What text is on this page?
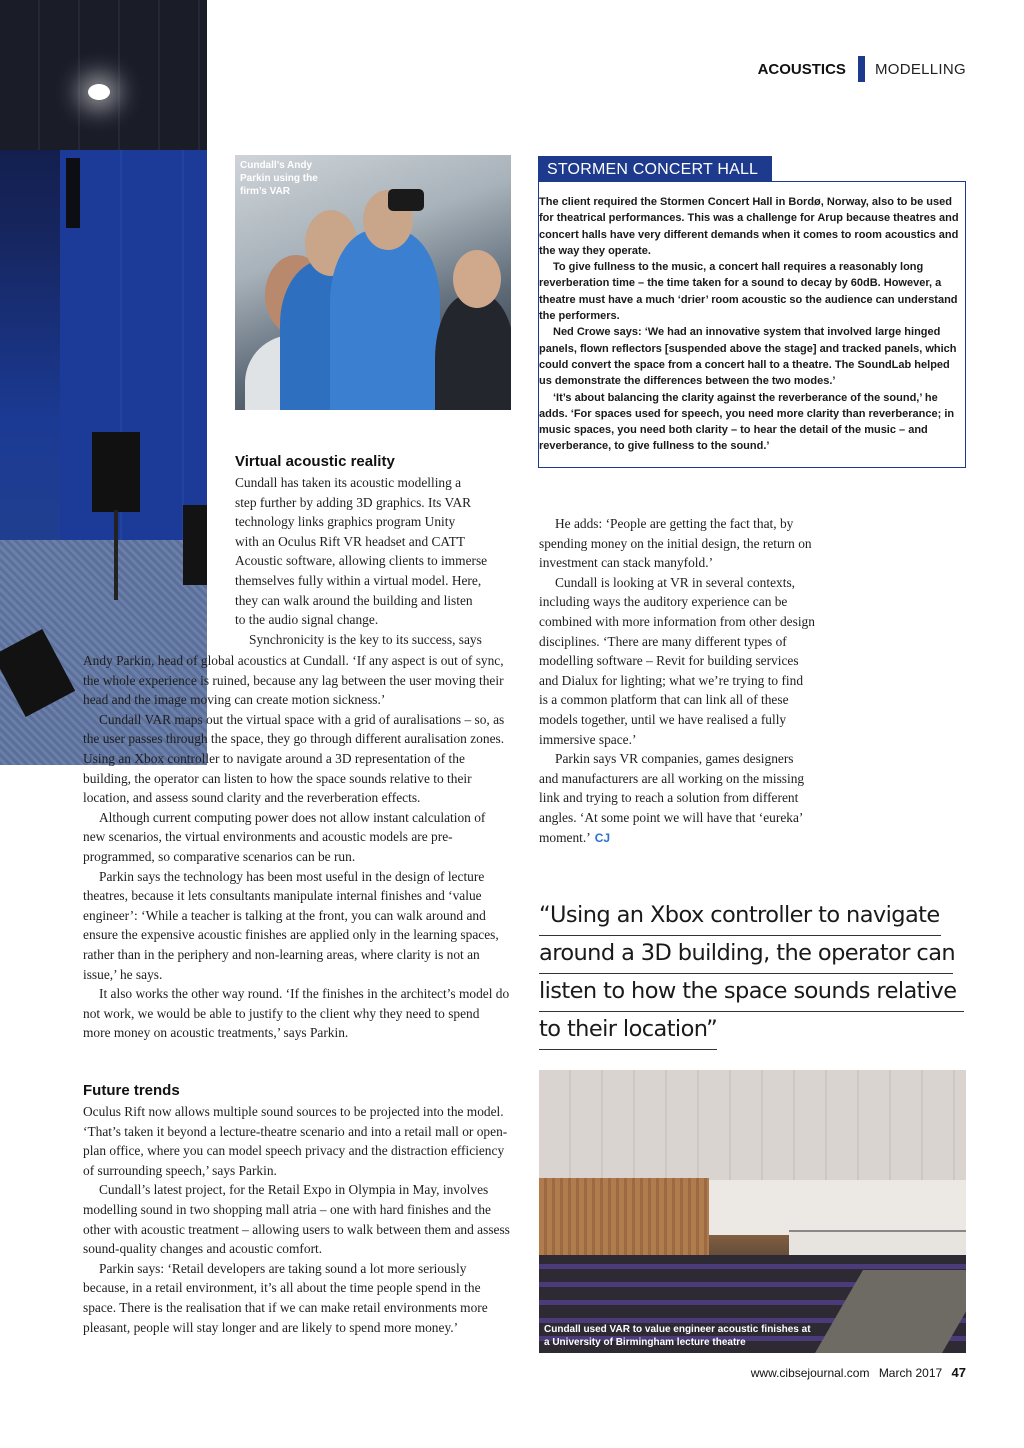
ACOUSTICS MODELLING
Cundall’s Andy Parkin using the firm’s VAR
STORMEN CONCERT HALL

The client required the Stormen Concert Hall in Bordø, Norway, also to be used for theatrical performances. This was a challenge for Arup because theatres and concert halls have very different demands when it comes to room acoustics and the way they operate.

To give fullness to the music, a concert hall requires a reasonably long reverberation time – the time taken for a sound to decay by 60dB. However, a theatre must have a much ‘drier’ room acoustic so the audience can understand the performers.

Ned Crowe says: ‘We had an innovative system that involved large hinged panels, flown reflectors [suspended above the stage] and tracked panels, which could convert the space from a concert hall to a theatre. The SoundLab helped us demonstrate the differences between the two modes.’

‘It’s about balancing the clarity against the reverberance of the sound,’ he adds. ‘For spaces used for speech, you need more clarity than reverberance; in music spaces, you need both clarity – to hear the detail of the music – and reverberance, to give fullness to the sound.’

Virtual acoustic reality
Cundall has taken its acoustic modelling a
step further by adding 3D graphics. Its VAR
technology links graphics program Unity
with an Oculus Rift VR headset and CATT
Acoustic software, allowing clients to immerse
themselves fully within a virtual model. Here,
they can walk around the building and listen
to the audio signal change.
Synchronicity is the key to its success, says

Andy Parkin, head of global acoustics at Cundall. ‘If any aspect is out of sync, the whole experience is ruined, because any lag between the user moving their head and the image moving can create motion sickness.’

Cundall VAR maps out the virtual space with a grid of auralisations – so, as the user passes through the space, they go through different auralisation zones. Using an Xbox controller to navigate around a 3D representation of the building, the operator can listen to how the space sounds relative to their location, and assess sound clarity and the reverberation effects.

Although current computing power does not allow instant calculation of new scenarios, the virtual environments and acoustic models are pre-programmed, so comparative scenarios can be run.

Parkin says the technology has been most useful in the design of lecture theatres, because it lets consultants manipulate internal finishes and ‘value engineer’: ‘While a teacher is talking at the front, you can walk around and ensure the expensive acoustic finishes are applied only in the learning spaces, rather than in the periphery and non-learning areas, where clarity is not an issue,’ he says.

It also works the other way round. ‘If the finishes in the architect’s model do not work, we would be able to justify to the client why they need to spend more money on acoustic treatments,’ says Parkin.

Future trends

Oculus Rift now allows multiple sound sources to be projected into the model. ‘That’s taken it beyond a lecture-theatre scenario and into a retail mall or open-plan office, where you can model speech privacy and the distraction efficiency of surrounding speech,’ says Parkin.

Cundall’s latest project, for the Retail Expo in Olympia in May, involves modelling sound in two shopping mall atria – one with hard finishes and the other with acoustic treatment – allowing users to walk between them and assess sound-quality changes and acoustic comfort.

Parkin says: ‘Retail developers are taking sound a lot more seriously because, in a retail environment, it’s all about the time people spend in the space. There is the realisation that if we can make retail environments more pleasant, people will stay longer and are likely to spend more money.’

He adds: ‘People are getting the fact that, by spending money on the initial design, the return on investment can stack manyfold.’

Cundall is looking at VR in several contexts, including ways the auditory experience can be combined with more information from other design disciplines. ‘There are many different types of modelling software – Revit for building services and Dialux for lighting; what we’re trying to find is a common platform that can link all of these models together, until we have realised a fully immersive space.’

Parkin says VR companies, games designers and manufacturers are all working on the missing link and trying to reach a solution from different angles. ‘At some point we will have that ‘eureka’ moment.’ CJ

“Using an Xbox controller to navigate
around a 3D building, the operator can
listen to how the space sounds relative
to their location”
Cundall used VAR to value engineer acoustic finishes at a University of Birmingham lecture theatre
www.cibsejournal.com March 2017 47
